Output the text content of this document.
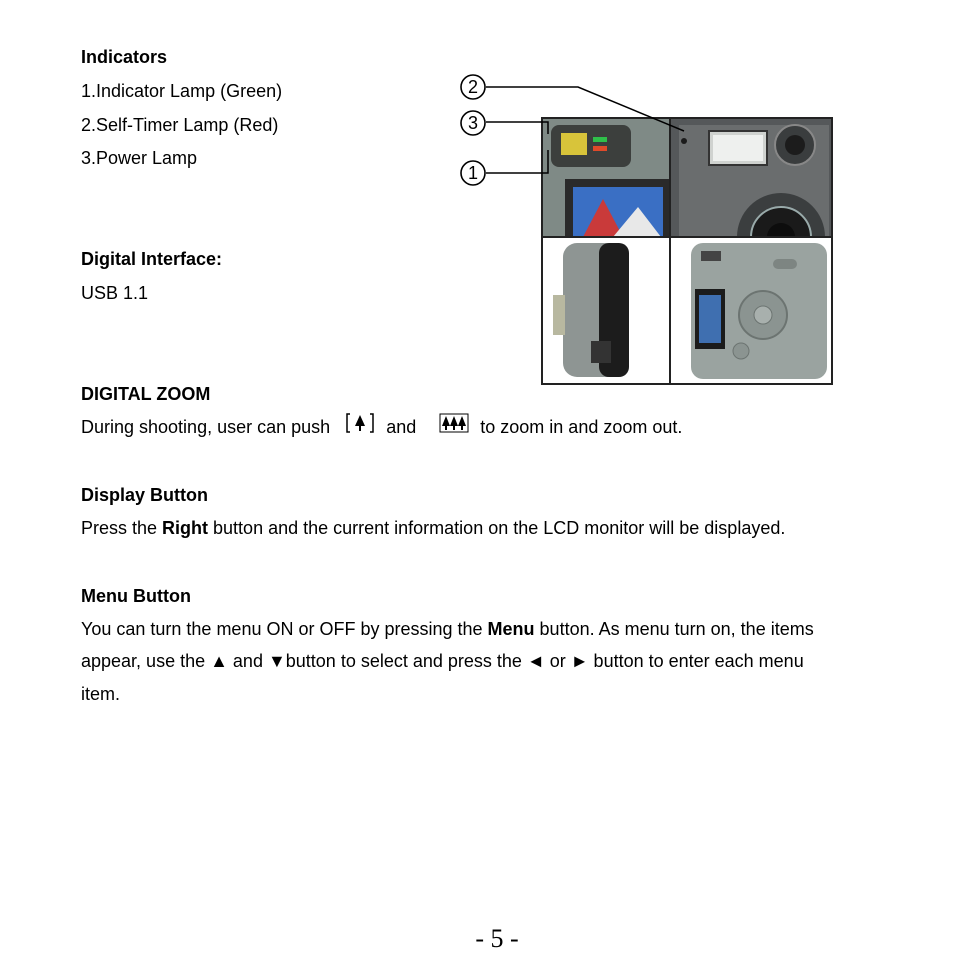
Indicators
1.Indicator Lamp (Green)
2.Self-Timer Lamp (Red)
3.Power Lamp
Digital Interface:
USB 1.1
2
3
1
DIGITAL ZOOM
During shooting, user can push	and	to zoom in and zoom out.
Display Button
Press the Right button and the current information on the LCD monitor will be displayed.
Menu Button
You can turn the menu ON or OFF by pressing the Menu button. As menu turn on, the items
appear, use the ▲ and ▼button to select and press the ◄ or ► button to enter each menu
item.
- 5 -
